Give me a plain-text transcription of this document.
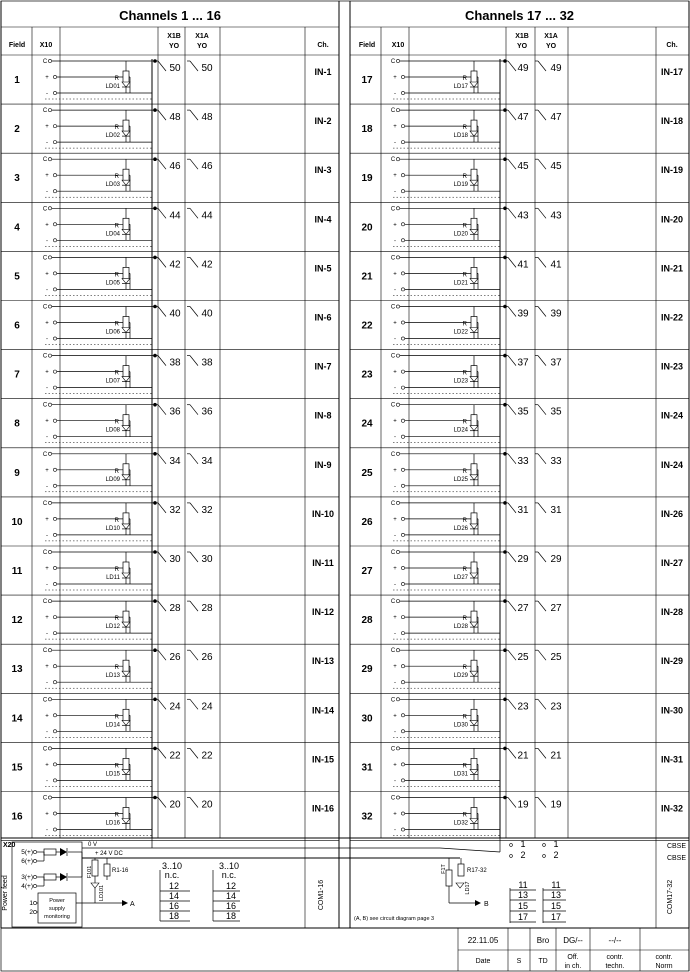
Channels 1 ... 16
Field X10
X1B
YO
X1A
YO	Ch.
1
C
+
-
R
LD01
50 50	IN-1
2
C
+
-
R
LD02
48 48	IN-2
3
C
+
-
R
LD03
46 46	IN-3
4
C
+
-
R
LD04
44 44	IN-4
5
C
+
-
R
LD05
42 42	IN-5
6
C
+
-
R
LD06
40 40	IN-6
7
C
+
-
R
LD07
38 38	IN-7
8
C
+
-
R
LD08
36 36	IN-8
9
C
+
-
R
LD09
34 34	IN-9
10
C
+
-
R
LD10
32 32	IN-10
11
C
+
-
R
LD11
30 30	IN-11
12
C
+
-
R
LD12
28 28	IN-12
13
C
+
-
R
LD13
26 26	IN-13
14
C
+
-
R
LD14
24 24	IN-14
15
C
+
-
R
LD15
22 22	IN-15
16
C
+
-
R
LD16
20 20	IN-16
Channels 17 ... 32
Field X10
X1B
YO
X1A
YO	Ch.
17
C
+
-
R
LD17
49 49	IN-17
18
C
+
-
R
LD18
47 47	IN-18
19
C
+
-
R
LD19
45 45	IN-19
20
C
+
-
R
LD20
43 43	IN-20
21
C
+
-
R
LD21
41 41	IN-21
22
C
+
-
R
LD22
39 39	IN-22
23
C
+
-
R
LD23
37 37	IN-23
24
C
+
-
R
LD24
35 35	IN-24
25
C
+
-
R
LD25
33 33	IN-24
26
C
+
-
R
LD26
31 31	IN-26
27
C
+
-
R
LD27
29 29	IN-27
28
C
+
-
R
LD28
27 27	IN-28
29
C
+
-
R
LD29
25 25	IN-29
30
C
+
-
R
LD30
23 23	IN-30
31
C
+
-
R
LD31
21 21	IN-31
32
C
+
-
R
LD32
19 19	IN-32
X20
Power feed
5(+)
6(+)
3(+)
4(+)
1
2
Power
supply
monitoring
0 V
+ 24 V DC
F101	R1-16
LD101
A
3..10
n.c.
3..10
n.c.
12	12
14	14
16	16
18	18
COM1-16
F1T	R17-32
LD17
B
(A, B) see circuit diagram page 3
1	1
2	2
11	11
13	13
15	15
17	17
CBSE
CBSE
COM17-32
22.11.05	Bro DG/--	--/--
Date	S TD
Off.
in ch.
contr.
techn.
contr.
Norm
